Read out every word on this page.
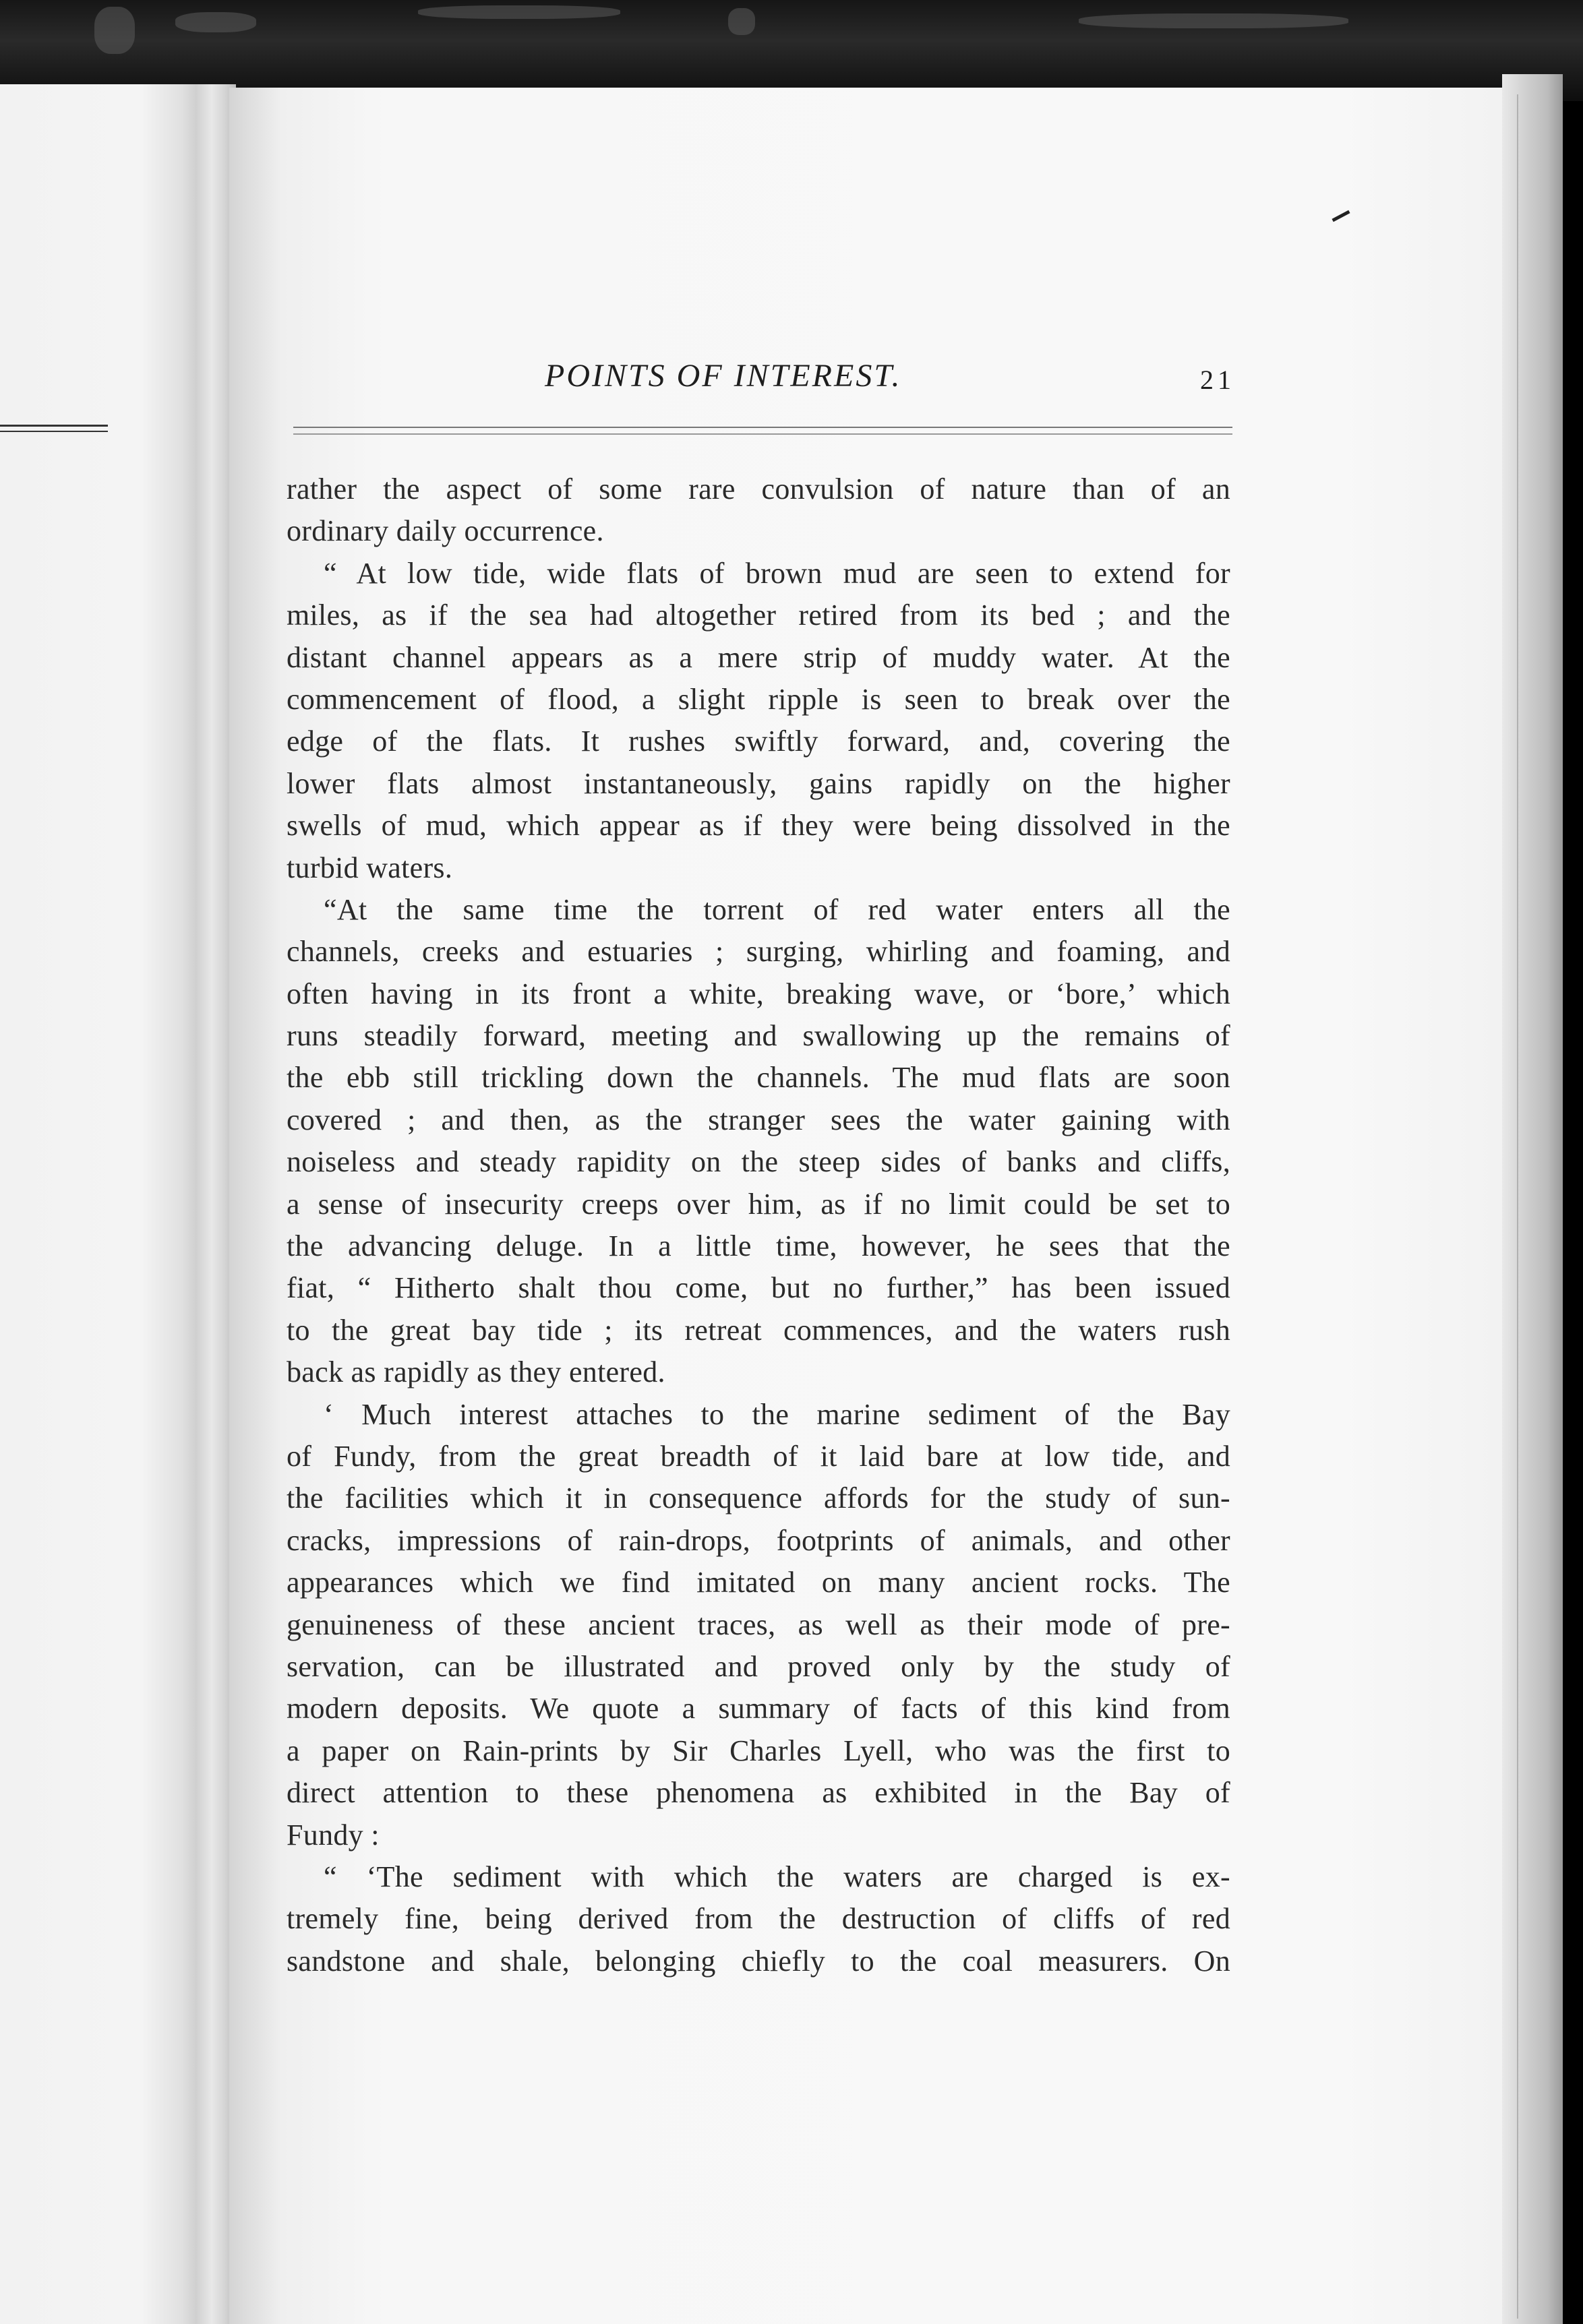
POINTS OF INTEREST.	21
rather the aspect of some rare convulsion of nature than of an
ordinary daily occurrence.
“ At low tide, wide flats of brown mud are seen to extend for
miles, as if the sea had altogether retired from its bed ; and the
distant channel appears as a mere strip of muddy water. At the
commencement of flood, a slight ripple is seen to break over the
edge of the flats. It rushes swiftly forward, and, covering the
lower flats almost instantaneously, gains rapidly on the higher
swells of mud, which appear as if they were being dissolved in the
turbid waters.
“At the same time the torrent of red water enters all the
channels, creeks and estuaries ; surging, whirling and foaming, and
often having in its front a white, breaking wave, or ‘bore,’ which
runs steadily forward, meeting and swallowing up the remains of
the ebb still trickling down the channels. The mud flats are soon
covered ; and then, as the stranger sees the water gaining with
noiseless and steady rapidity on the steep sides of banks and cliffs,
a sense of insecurity creeps over him, as if no limit could be set to
the advancing deluge. In a little time, however, he sees that the
fiat, “ Hitherto shalt thou come, but no further,” has been issued
to the great bay tide ; its retreat commences, and the waters rush
back as rapidly as they entered.
‘ Much interest attaches to the marine sediment of the Bay
of Fundy, from the great breadth of it laid bare at low tide, and
the facilities which it in consequence affords for the study of sun-
cracks, impressions of rain-drops, footprints of animals, and other
appearances which we find imitated on many ancient rocks. The
genuineness of these ancient traces, as well as their mode of pre-
servation, can be illustrated and proved only by the study of
modern deposits. We quote a summary of facts of this kind from
a paper on Rain-prints by Sir Charles Lyell, who was the first to
direct attention to these phenomena as exhibited in the Bay of
Fundy :
“ ‘The sediment with which the waters are charged is ex-
tremely fine, being derived from the destruction of cliffs of red
sandstone and shale, belonging chiefly to the coal measurers. On
